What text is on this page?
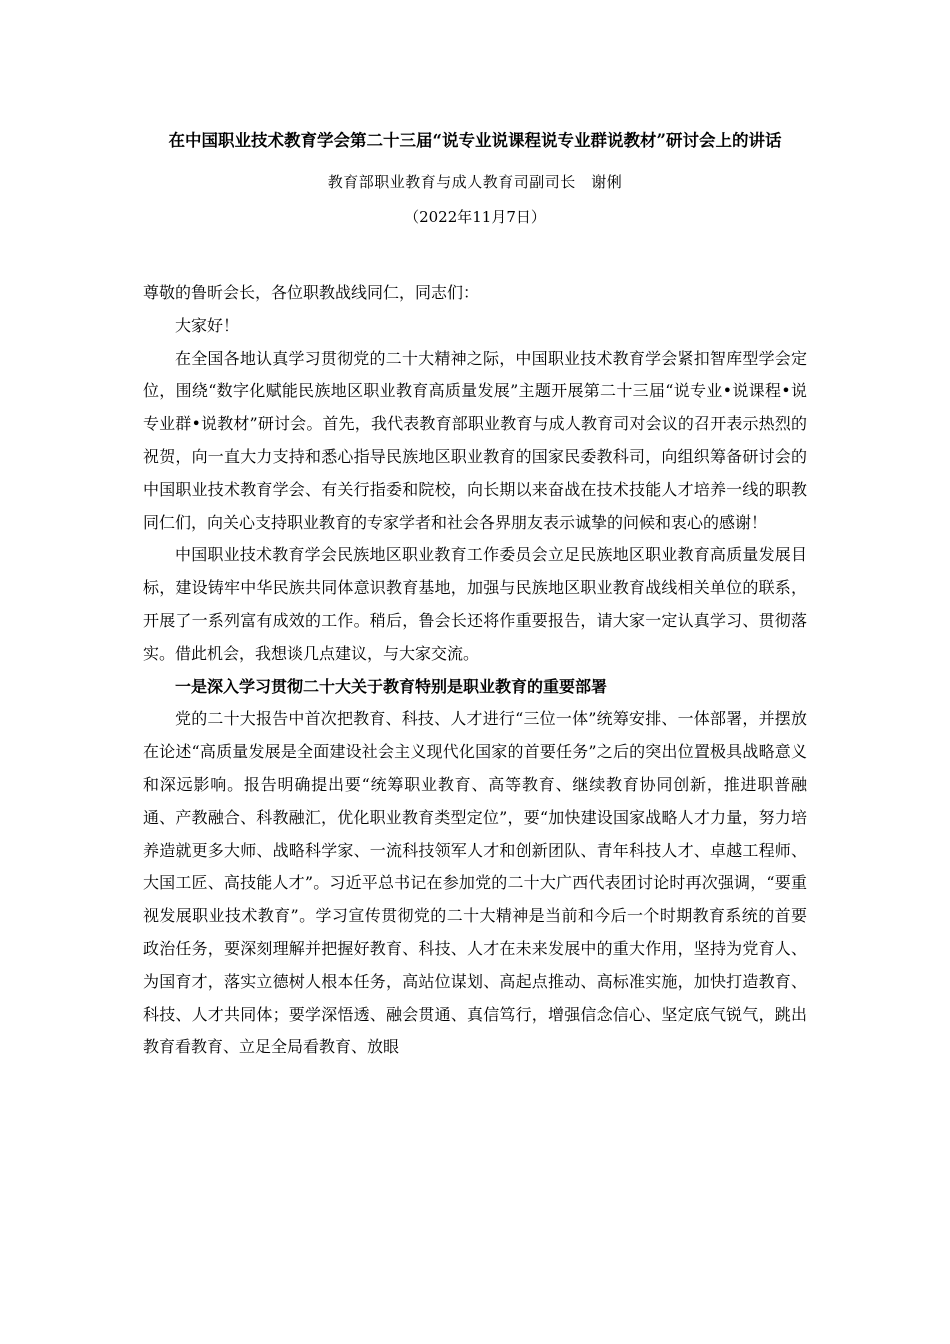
在中国职业技术教育学会第二十三届“说专业说课程说专业群说教材”研讨会上的讲话
教育部职业教育与成人教育司副司长　谢俐
（2022年11月7日）

尊敬的鲁昕会长，各位职教战线同仁，同志们：

大家好！

在全国各地认真学习贯彻党的二十大精神之际，中国职业技术教育学会紧扣智库型学会定位，围绕“数字化赋能民族地区职业教育高质量发展”主题开展第二十三届“说专业•说课程•说专业群•说教材”研讨会。首先，我代表教育部职业教育与成人教育司对会议的召开表示热烈的祝贺，向一直大力支持和悉心指导民族地区职业教育的国家民委教科司，向组织筹备研讨会的中国职业技术教育学会、有关行指委和院校，向长期以来奋战在技术技能人才培养一线的职教同仁们，向关心支持职业教育的专家学者和社会各界朋友表示诚挚的问候和衷心的感谢！

中国职业技术教育学会民族地区职业教育工作委员会立足民族地区职业教育高质量发展目标，建设铸牢中华民族共同体意识教育基地，加强与民族地区职业教育战线相关单位的联系，开展了一系列富有成效的工作。稍后，鲁会长还将作重要报告，请大家一定认真学习、贯彻落实。借此机会，我想谈几点建议，与大家交流。

一是深入学习贯彻二十大关于教育特别是职业教育的重要部署

党的二十大报告中首次把教育、科技、人才进行“三位一体”统筹安排、一体部署，并摆放在论述“高质量发展是全面建设社会主义现代化国家的首要任务”之后的突出位置极具战略意义和深远影响。报告明确提出要“统筹职业教育、高等教育、继续教育协同创新，推进职普融通、产教融合、科教融汇，优化职业教育类型定位”，要“加快建设国家战略人才力量，努力培养造就更多大师、战略科学家、一流科技领军人才和创新团队、青年科技人才、卓越工程师、大国工匠、高技能人才”。习近平总书记在参加党的二十大广西代表团讨论时再次强调，“要重视发展职业技术教育”。学习宣传贯彻党的二十大精神是当前和今后一个时期教育系统的首要政治任务，要深刻理解并把握好教育、科技、人才在未来发展中的重大作用，坚持为党育人、为国育才，落实立德树人根本任务，高站位谋划、高起点推动、高标准实施，加快打造教育、科技、人才共同体；要学深悟透、融会贯通、真信笃行，增强信念信心、坚定底气锐气，跳出教育看教育、立足全局看教育、放眼
